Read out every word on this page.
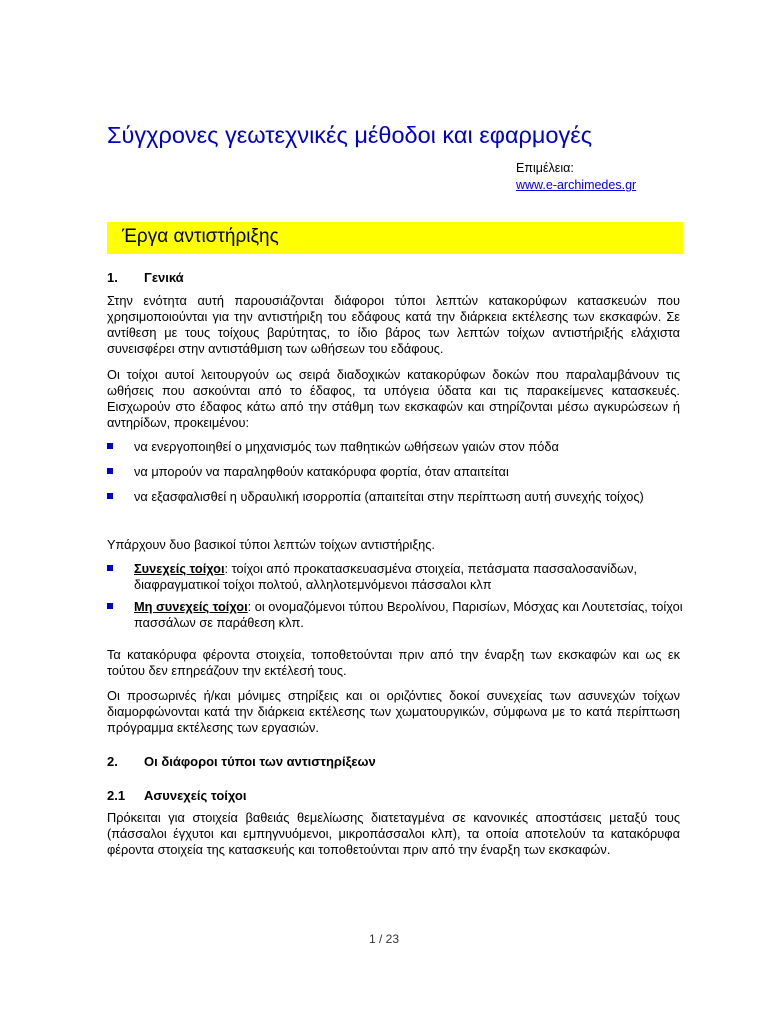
Σύγχρονες γεωτεχνικές μέθοδοι και εφαρμογές
Επιμέλεια:
www.e-archimedes.gr
Έργα αντιστήριξης
1. Γενικά
Στην ενότητα αυτή παρουσιάζονται διάφοροι τύποι λεπτών κατακορύφων κατασκευών που χρησιμοποιούνται για την αντιστήριξη του εδάφους κατά την διάρκεια εκτέλεσης των εκσκαφών. Σε αντίθεση με τους τοίχους βαρύτητας, το ίδιο βάρος των λεπτών τοίχων αντιστήριξής ελάχιστα συνεισφέρει στην αντιστάθμιση των ωθήσεων του εδάφους.
Οι τοίχοι αυτοί λειτουργούν ως σειρά διαδοχικών κατακορύφων δοκών που παραλαμβάνουν τις ωθήσεις που ασκούνται από το έδαφος, τα υπόγεια ύδατα και τις παρακείμενες κατασκευές. Εισχωρούν στο έδαφος κάτω από την στάθμη των εκσκαφών και στηρίζονται μέσω αγκυρώσεων ή αντηρίδων, προκειμένου:
να ενεργοποιηθεί ο μηχανισμός των παθητικών ωθήσεων γαιών στον πόδα
να μπορούν να παραληφθούν κατακόρυφα φορτία, όταν απαιτείται
να εξασφαλισθεί η υδραυλική ισορροπία (απαιτείται στην περίπτωση αυτή συνεχής τοίχος)
Υπάρχουν δυο βασικοί τύποι λεπτών τοίχων αντιστήριξης.
Συνεχείς τοίχοι: τοίχοι από προκατασκευασμένα στοιχεία, πετάσματα πασσαλοσανίδων, διαφραγματικοί τοίχοι πολτού, αλληλοτεμνόμενοι πάσσαλοι κλπ
Μη συνεχείς τοίχοι: οι ονομαζόμενοι τύπου Βερολίνου, Παρισίων, Μόσχας και Λουτετσίας, τοίχοι πασσάλων σε παράθεση κλπ.
Τα κατακόρυφα φέροντα στοιχεία, τοποθετούνται πριν από την έναρξη των εκσκαφών και ως εκ τούτου δεν επηρεάζουν την εκτέλεσή τους.
Οι προσωρινές ή/και μόνιμες στηρίξεις και οι οριζόντιες δοκοί συνεχείας των ασυνεχών τοίχων διαμορφώνονται κατά την διάρκεια εκτέλεσης των χωματουργικών, σύμφωνα με το κατά περίπτωση πρόγραμμα εκτέλεσης των εργασιών.
2. Οι διάφοροι τύποι των αντιστηρίξεων
2.1 Ασυνεχείς τοίχοι
Πρόκειται για στοιχεία βαθειάς θεμελίωσης διατεταγμένα σε κανονικές αποστάσεις μεταξύ τους (πάσσαλοι έγχυτοι και εμπηγνυόμενοι, μικροπάσσαλοι κλπ), τα οποία αποτελούν τα κατακόρυφα φέροντα στοιχεία της κατασκευής και τοποθετούνται πριν από την έναρξη των εκσκαφών.
1 / 23
